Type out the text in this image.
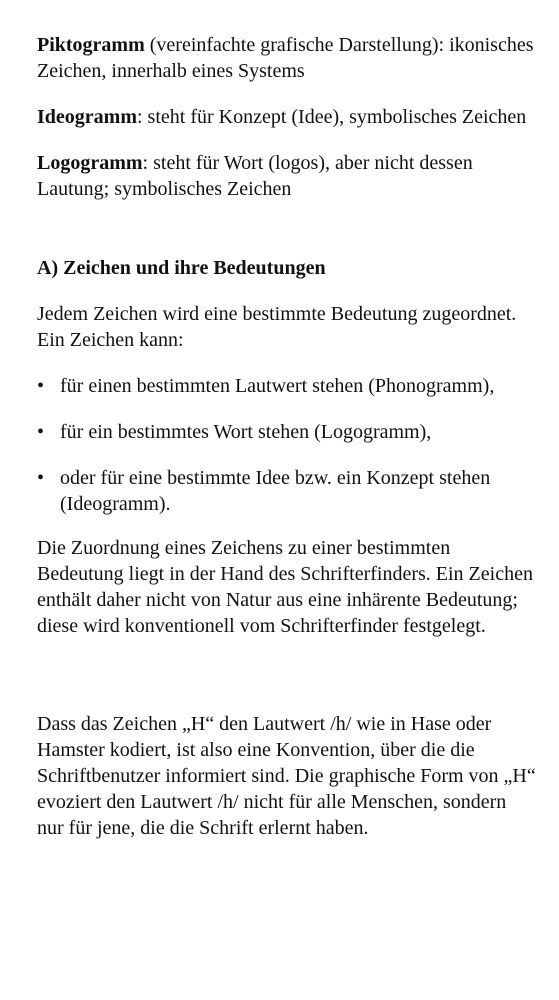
Piktogramm (vereinfachte grafische Darstellung): ikonisches Zeichen, innerhalb eines Systems

Ideogramm: steht für Konzept (Idee), symbolisches Zeichen

Logogramm: steht für Wort (logos), aber nicht dessen Lautung; symbolisches Zeichen

A) Zeichen und ihre Bedeutungen

Jedem Zeichen wird eine bestimmte Bedeutung zugeordnet. Ein Zeichen kann:

• für einen bestimmten Lautwert stehen (Phonogramm),
• für ein bestimmtes Wort stehen (Logogramm),
• oder für eine bestimmte Idee bzw. ein Konzept stehen (Ideogramm).

Die Zuordnung eines Zeichens zu einer bestimmten Bedeutung liegt in der Hand des Schrifterfinders. Ein Zeichen enthält daher nicht von Natur aus eine inhärente Bedeutung; diese wird konventionell vom Schrifterfinder festgelegt.

Dass das Zeichen „H“ den Lautwert /h/ wie in Hase oder Hamster kodiert, ist also eine Konvention, über die die Schriftbenutzer informiert sind. Die graphische Form von „H“ evoziert den Lautwert /h/ nicht für alle Menschen, sondern nur für jene, die die Schrift erlernt haben.
